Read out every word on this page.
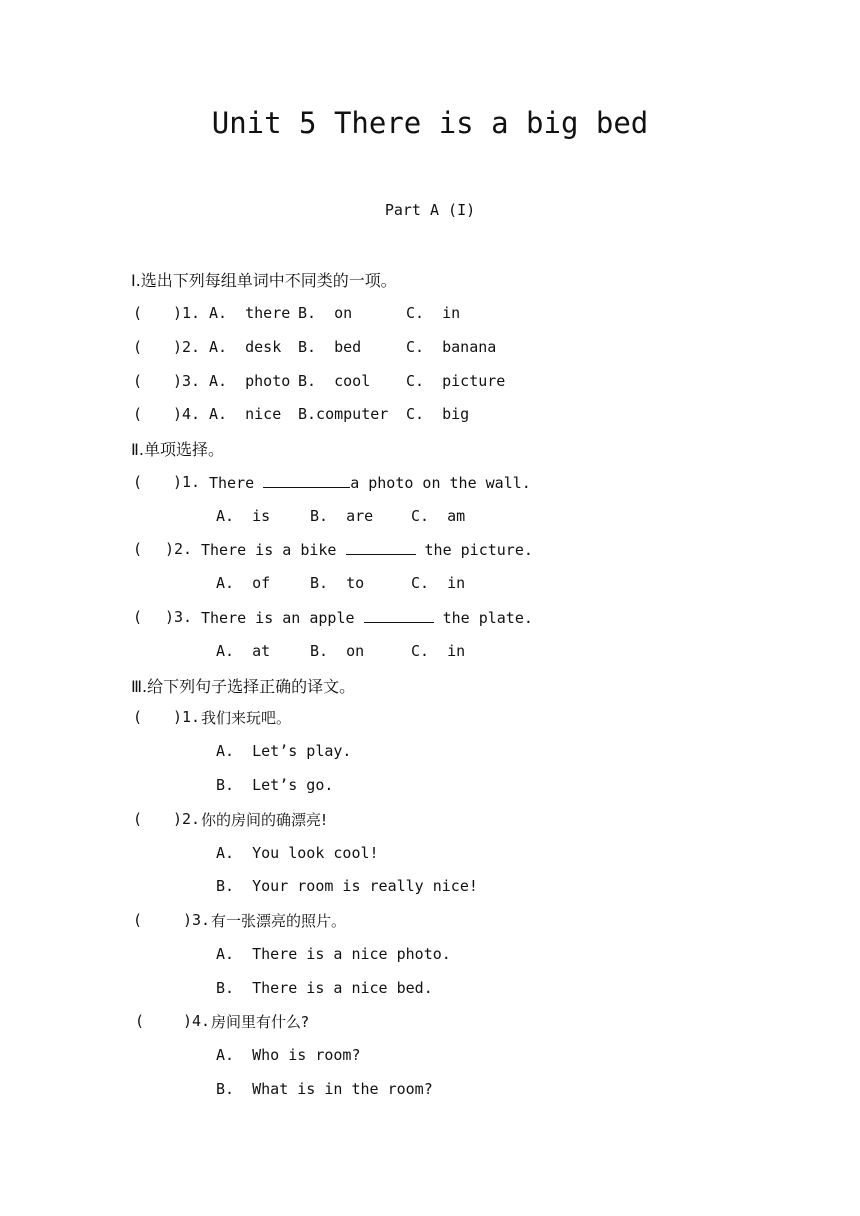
Unit 5 There is a big bed
Part A (I)
Ⅰ.选出下列每组单词中不同类的一项。
( )1. A.  there B.  on	C.  in
( )2. A.  desk B.  bed	C.  banana
( )3. A.  photo B.  cool C.  picture
( )4. A.  nice B.computer C.  big
Ⅱ.单项选择。
( )1. There	a photo on the wall.
A.  is	B.  are	C.  am
( )2. There is a bike	the picture.
A.  of	B.  to	C.  in
( )3. There is an apple	the plate.
A.  at	B.  on	C.  in
Ⅲ.给下列句子选择正确的译文。
( )1. 我们来玩吧。
A.  Let’s play.
B.  Let’s go.
( )2. 你的房间的确漂亮!
A.  You look cool!
B.  Your room is really nice!
(	)3. 有一张漂亮的照片。
A.  There is a nice photo.
B.  There is a nice bed.
(	)4. 房间里有什么?
A.  Who is room?
B.  What is in the room?
